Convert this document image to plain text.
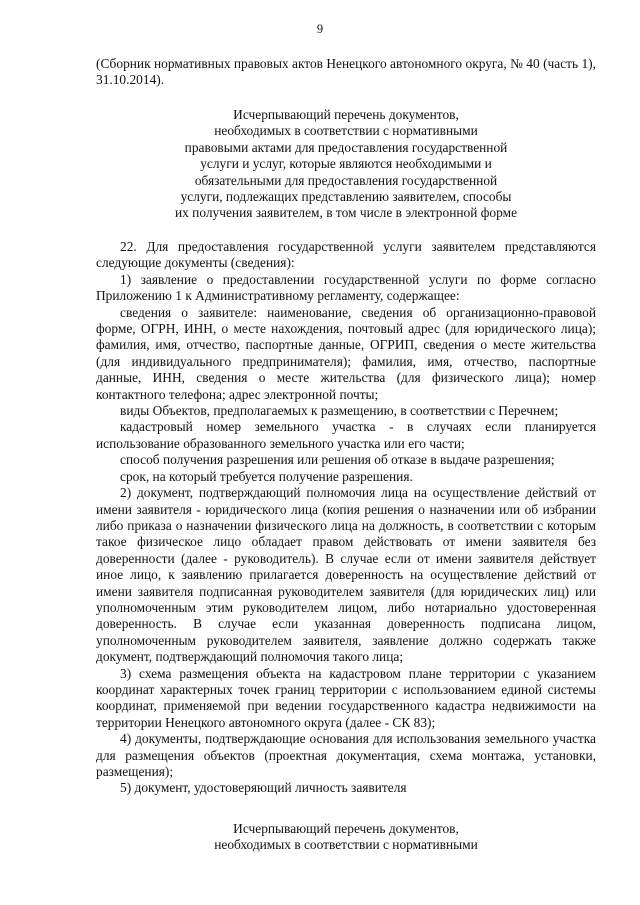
9

(Сборник нормативных правовых актов Ненецкого автономного округа, № 40 (часть 1), 31.10.2014).

Исчерпывающий перечень документов,
необходимых в соответствии с нормативными
правовыми актами для предоставления государственной
услуги и услуг, которые являются необходимыми и
обязательными для предоставления государственной
услуги, подлежащих представлению заявителем, способы
их получения заявителем, в том числе в электронной форме

22. Для предоставления государственной услуги заявителем представляются следующие документы (сведения):

1) заявление о предоставлении государственной услуги по форме согласно Приложению 1 к Административному регламенту, содержащее:

сведения о заявителе: наименование, сведения об организационно-правовой форме, ОГРН, ИНН, о месте нахождения, почтовый адрес (для юридического лица); фамилия, имя, отчество, паспортные данные, ОГРИП, сведения о месте жительства (для индивидуального предпринимателя); фамилия, имя, отчество, паспортные данные, ИНН, сведения о месте жительства (для физического лица); номер контактного телефона; адрес электронной почты;

виды Объектов, предполагаемых к размещению, в соответствии с Перечнем;

кадастровый номер земельного участка - в случаях если планируется использование образованного земельного участка или его части;

способ получения разрешения или решения об отказе в выдаче разрешения;

срок, на который требуется получение разрешения.

2) документ, подтверждающий полномочия лица на осуществление действий от имени заявителя - юридического лица (копия решения о назначении или об избрании либо приказа о назначении физического лица на должность, в соответствии с которым такое физическое лицо обладает правом действовать от имени заявителя без доверенности (далее - руководитель). В случае если от имени заявителя действует иное лицо, к заявлению прилагается доверенность на осуществление действий от имени заявителя подписанная руководителем заявителя (для юридических лиц) или уполномоченным этим руководителем лицом, либо нотариально удостоверенная доверенность. В случае если указанная доверенность подписана лицом, уполномоченным руководителем заявителя, заявление должно содержать также документ, подтверждающий полномочия такого лица;

3) схема размещения объекта на кадастровом плане территории с указанием координат характерных точек границ территории с использованием единой системы координат, применяемой при ведении государственного кадастра недвижимости на территории Ненецкого автономного округа (далее - СК 83);

4) документы, подтверждающие основания для использования земельного участка для размещения объектов (проектная документация, схема монтажа, установки, размещения);

5) документ, удостоверяющий личность заявителя

Исчерпывающий перечень документов,
необходимых в соответствии с нормативными
